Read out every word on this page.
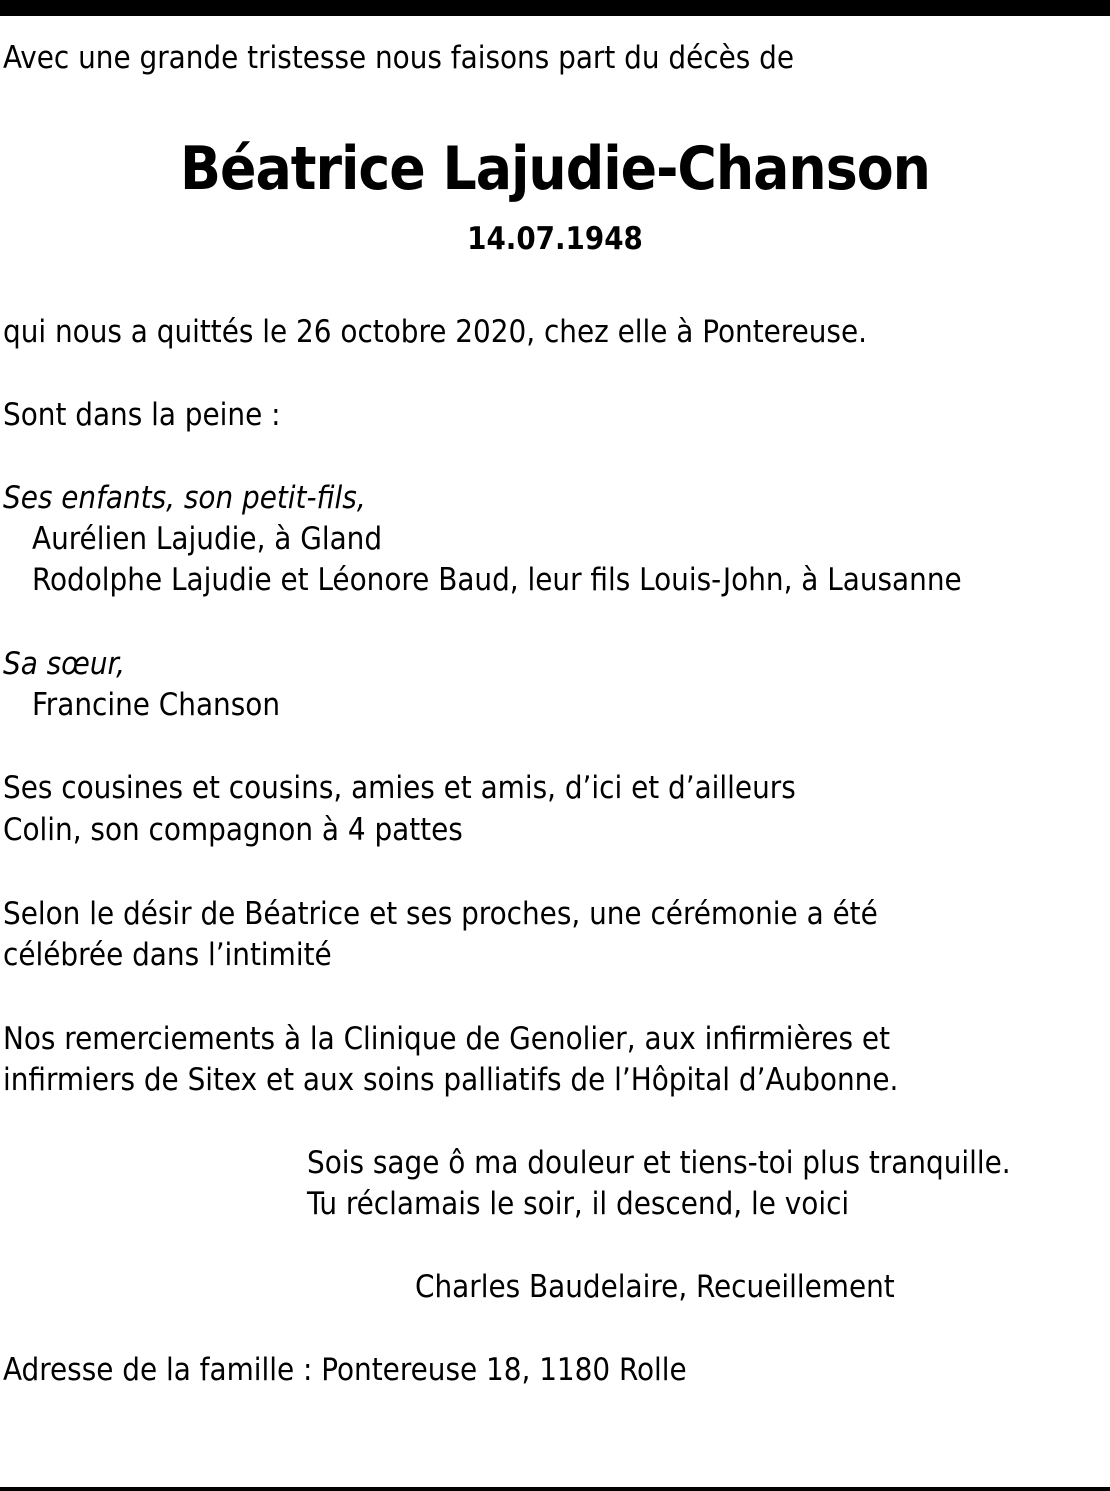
Avec une grande tristesse nous faisons part du décès de
Béatrice Lajudie-Chanson
14.07.1948
qui nous a quittés le 26 octobre 2020, chez elle à Pontereuse.
Sont dans la peine :
Ses enfants, son petit-fils,
Aurélien Lajudie, à Gland
Rodolphe Lajudie et Léonore Baud, leur fils Louis-John, à Lausanne
Sa sœur,
Francine Chanson
Ses cousines et cousins, amies et amis, d’ici et d’ailleurs
Colin, son compagnon à 4 pattes
Selon le désir de Béatrice et ses proches, une cérémonie a été
célébrée dans l’intimité
Nos remerciements à la Clinique de Genolier, aux infirmières et
infirmiers de Sitex et aux soins palliatifs de l’Hôpital d’Aubonne.
Sois sage ô ma douleur et tiens-toi plus tranquille.
Tu réclamais le soir, il descend, le voici
Charles Baudelaire, Recueillement
Adresse de la famille : Pontereuse 18, 1180 Rolle
